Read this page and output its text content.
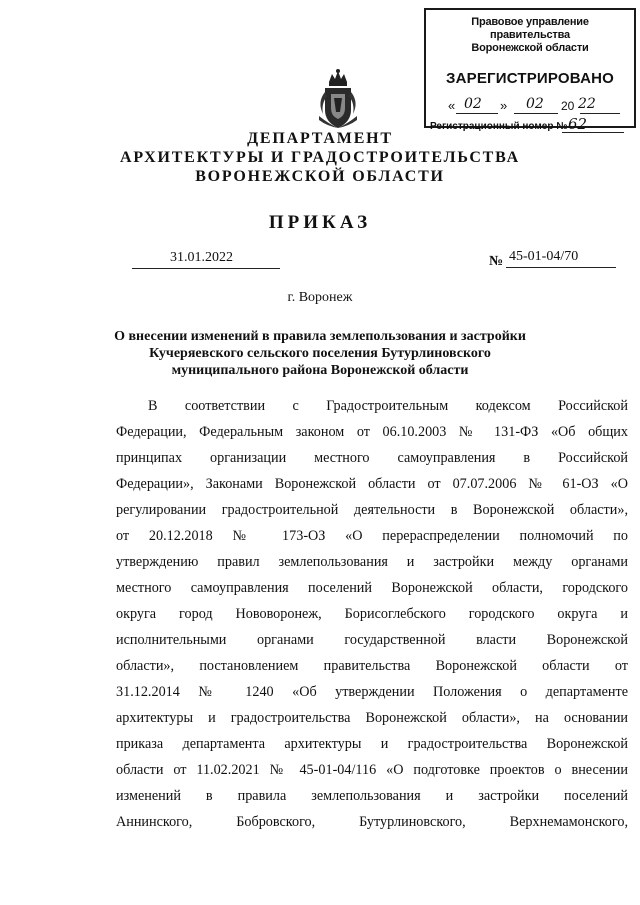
Правовое управление правительства
Воронежской области
ЗАРЕГИСТРИРОВАНО
« 02 » 02 20 22
Регистрационный номер № 62
ДЕПАРТАМЕНТ
АРХИТЕКТУРЫ И ГРАДОСТРОИТЕЛЬСТВА
ВОРОНЕЖСКОЙ ОБЛАСТИ
ПРИКАЗ
31.01.2022	№ 45-01-04/70
г. Воронеж
О внесении изменений в правила землепользования и застройки
Кучеряевского сельского поселения Бутурлиновского
муниципального района Воронежской области
В соответствии с Градостроительным кодексом Российской
Федерации, Федеральным законом от 06.10.2003 № 131-ФЗ «Об общих
принципах организации местного самоуправления в Российской
Федерации», Законами Воронежской области от 07.07.2006 № 61-ОЗ «О
регулировании градостроительной деятельности в Воронежской области»,
от 20.12.2018 № 173-ОЗ «О перераспределении полномочий по
утверждению правил землепользования и застройки между органами
местного самоуправления поселений Воронежской области, городского
округа город Нововоронеж, Борисоглебского городского округа и
исполнительными органами государственной власти Воронежской
области», постановлением правительства Воронежской области от
31.12.2014 № 1240 «Об утверждении Положения о департаменте
архитектуры и градостроительства Воронежской области», на основании
приказа департамента архитектуры и градостроительства Воронежской
области от 11.02.2021 № 45-01-04/116 «О подготовке проектов о внесении
изменений в правила землепользования и застройки поселений
Аннинского, Бобровского, Бутурлиновского, Верхнемамонского,
